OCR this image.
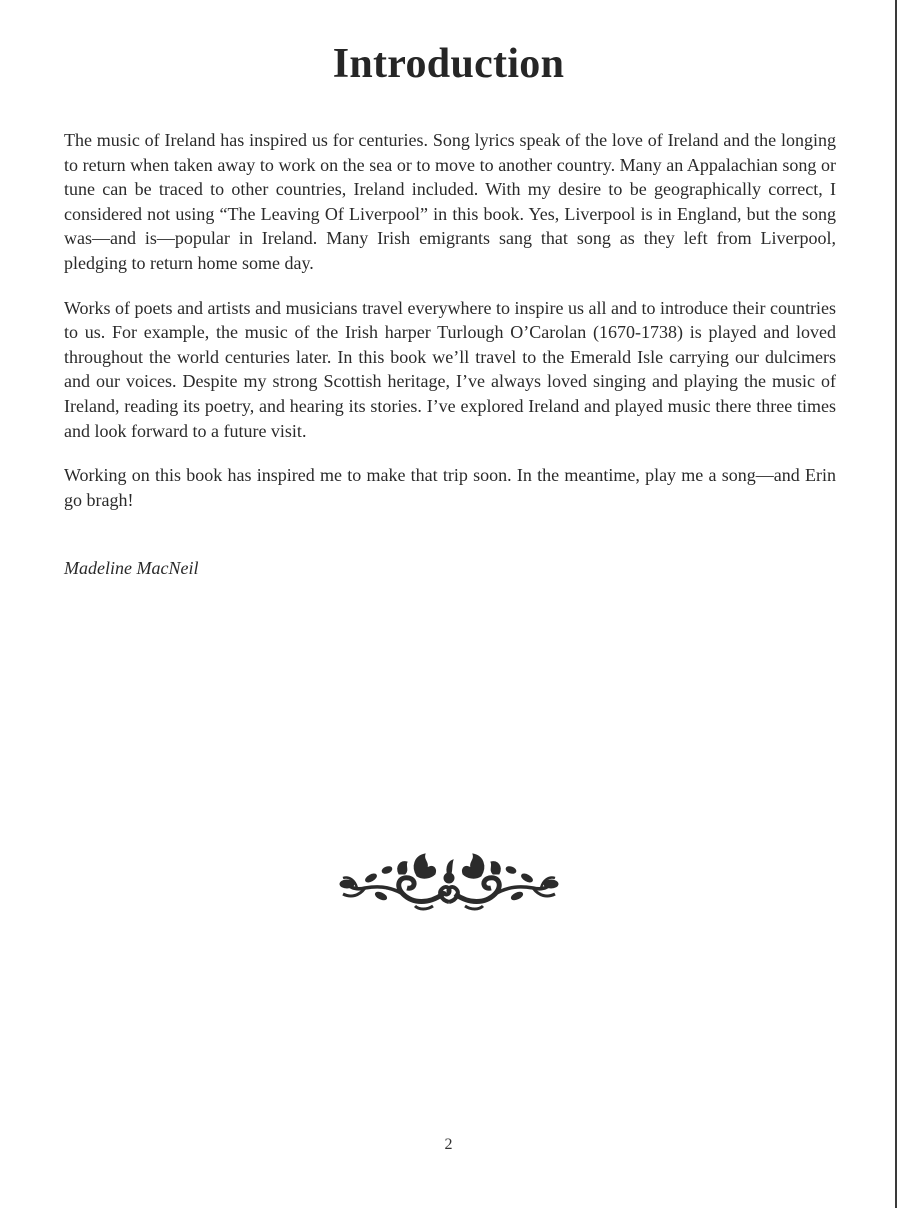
Introduction

The music of Ireland has inspired us for centuries. Song lyrics speak of the love of Ireland and the longing to return when taken away to work on the sea or to move to another country. Many an Appalachian song or tune can be traced to other countries, Ireland included. With my desire to be geographically correct, I considered not using “The Leaving Of Liverpool” in this book. Yes, Liverpool is in England, but the song was—and is—popular in Ireland. Many Irish emigrants sang that song as they left from Liverpool, pledging to return home some day.

Works of poets and artists and musicians travel everywhere to inspire us all and to introduce their countries to us. For example, the music of the Irish harper Turlough O’Carolan (1670-1738) is played and loved throughout the world centuries later. In this book we’ll travel to the Emerald Isle carrying our dulcimers and our voices. Despite my strong Scottish heritage, I’ve always loved singing and playing the music of Ireland, reading its poetry, and hearing its stories. I’ve explored Ireland and played music there three times and look forward to a future visit.

Working on this book has inspired me to make that trip soon. In the meantime, play me a song—and Erin go bragh!

Madeline MacNeil

2
